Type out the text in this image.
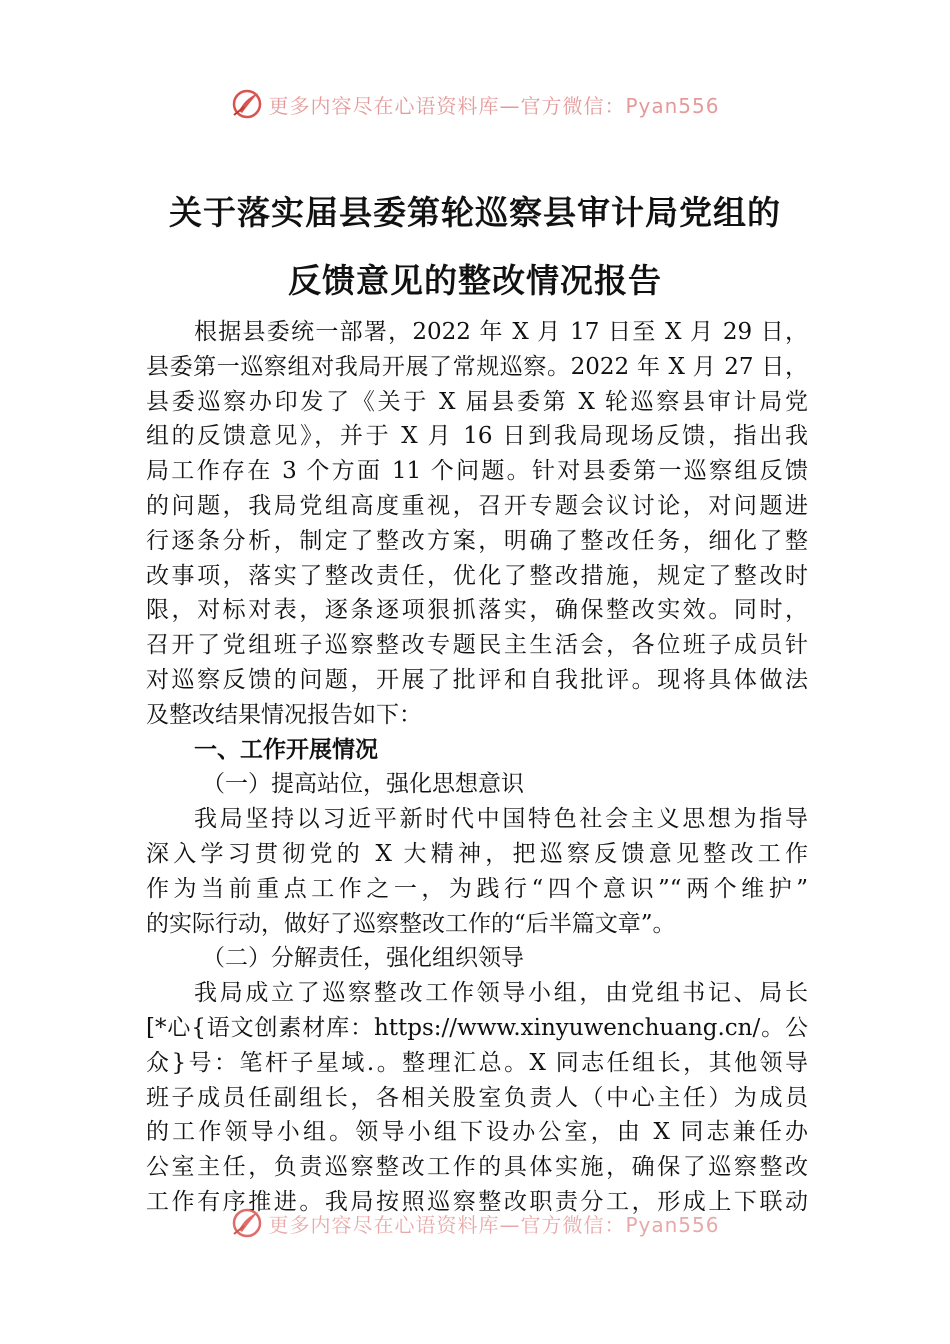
更多内容尽在心语资料库—官方微信：Pyan556
关于落实届县委第轮巡察县审计局党组的
反馈意见的整改情况报告
根据县委统一部署，2022 年 X 月 17 日至 X 月 29 日，
县委第一巡察组对我局开展了常规巡察。2022 年 X 月 27 日，
县委巡察办印发了《关于 X 届县委第 X 轮巡察县审计局党
组的反馈意见》，并于 X 月 16 日到我局现场反馈，指出我
局工作存在 3 个方面 11 个问题。针对县委第一巡察组反馈
的问题，我局党组高度重视，召开专题会议讨论，对问题进
行逐条分析，制定了整改方案，明确了整改任务，细化了整
改事项，落实了整改责任，优化了整改措施，规定了整改时
限，对标对表，逐条逐项狠抓落实，确保整改实效。同时，
召开了党组班子巡察整改专题民主生活会，各位班子成员针
对巡察反馈的问题，开展了批评和自我批评。现将具体做法
及整改结果情况报告如下：
一、工作开展情况
（一）提高站位，强化思想意识
我局坚持以习近平新时代中国特色社会主义思想为指导
深入学习贯彻党的 X 大精神，把巡察反馈意见整改工作
作为当前重点工作之一，为践行“四个意识”“两个维护”
的实际行动，做好了巡察整改工作的“后半篇文章”。
（二）分解责任，强化组织领导
我局成立了巡察整改工作领导小组，由党组书记、局长
[*心{语文创素材库：https://www.xinyuwenchuang.cn/。公
众}号：笔杆子星域.。整理汇总。X 同志任组长，其他领导
班子成员任副组长，各相关股室负责人（中心主任）为成员
的工作领导小组。领导小组下设办公室，由 X 同志兼任办
公室主任，负责巡察整改工作的具体实施，确保了巡察整改
工作有序推进。我局按照巡察整改职责分工，形成上下联动
更多内容尽在心语资料库—官方微信：Pyan556
